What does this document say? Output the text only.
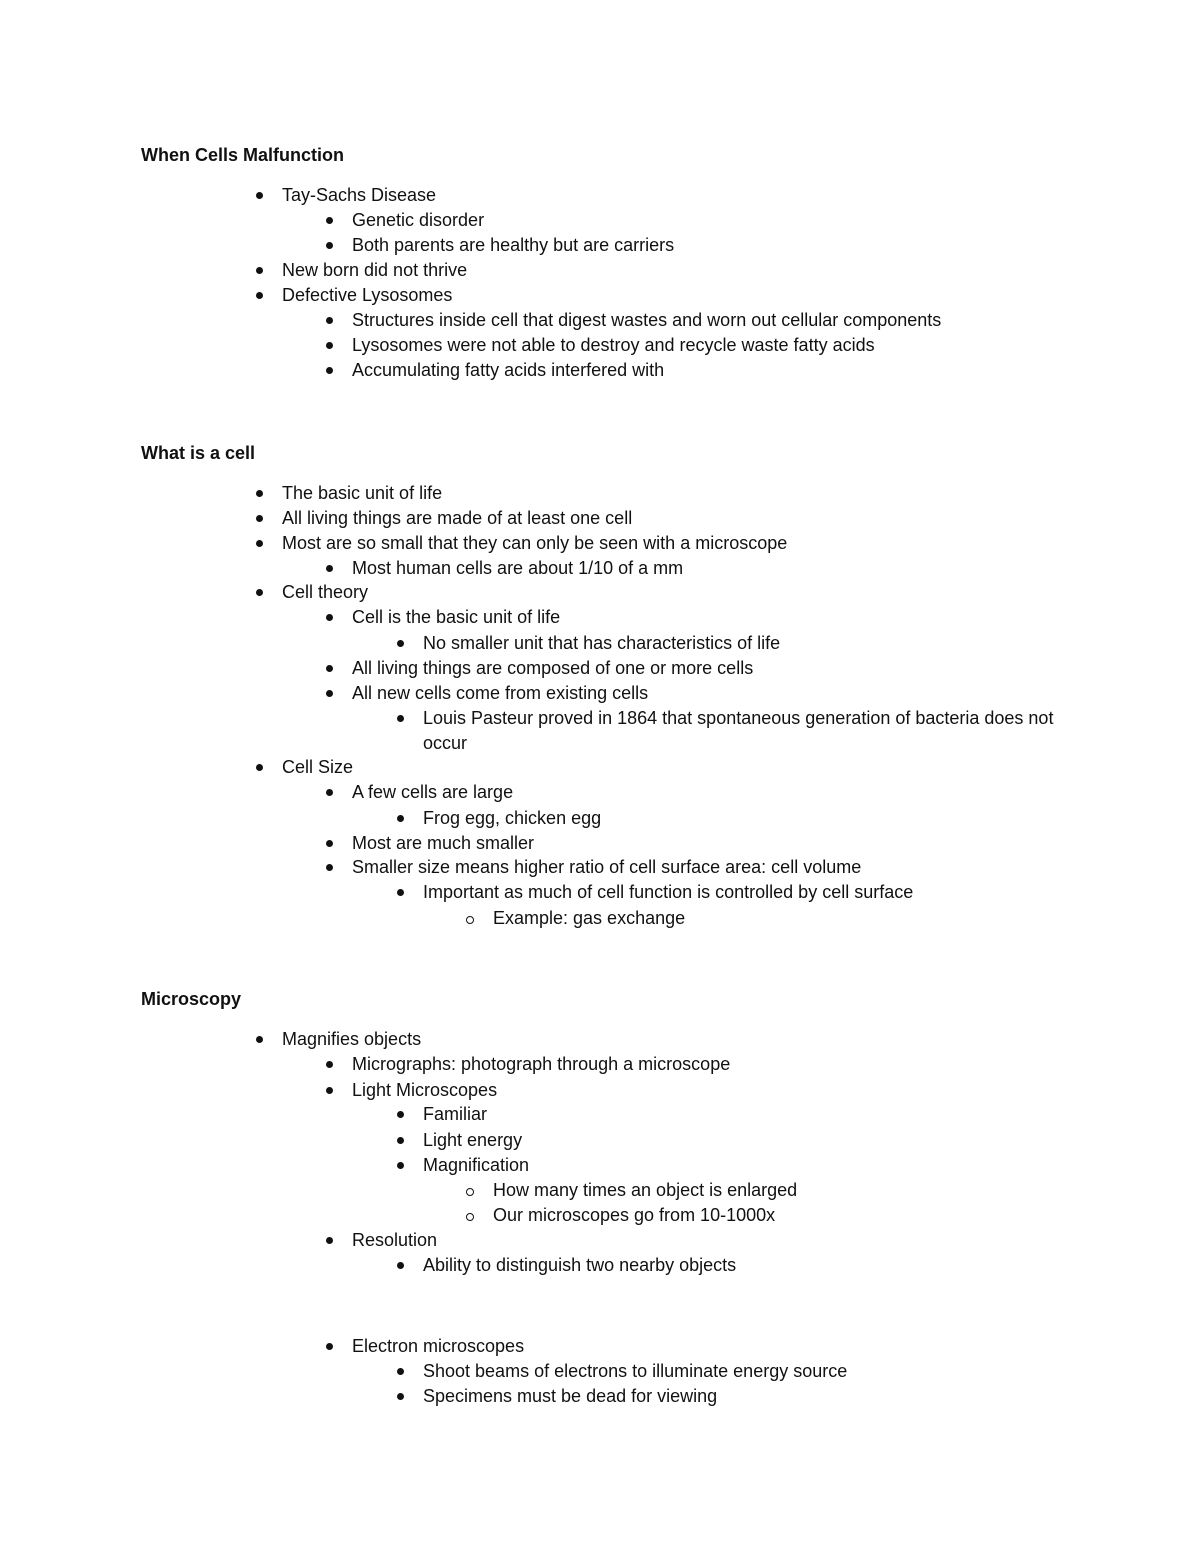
When Cells Malfunction
Tay-Sachs Disease
Genetic disorder
Both parents are healthy but are carriers
New born did not thrive
Defective Lysosomes
Structures inside cell that digest wastes and worn out cellular components
Lysosomes were not able to destroy and recycle waste fatty acids
Accumulating fatty acids interfered with
What is a cell
The basic unit of life
All living things are made of at least one cell
Most are so small that they can only be seen with a microscope
Most human cells are about 1/10 of a mm
Cell theory
Cell is the basic unit of life
No smaller unit that has characteristics of life
All living things are composed of one or more cells
All new cells come from existing cells
Louis Pasteur proved in 1864 that spontaneous generation of bacteria does not occur
Cell Size
A few cells are large
Frog egg, chicken egg
Most are much smaller
Smaller size means higher ratio of cell surface area: cell volume
Important as much of cell function is controlled by cell surface
Example: gas exchange
Microscopy
Magnifies objects
Micrographs: photograph through a microscope
Light Microscopes
Familiar
Light energy
Magnification
How many times an object is enlarged
Our microscopes go from 10-1000x
Resolution
Ability to distinguish two nearby objects
Electron microscopes
Shoot beams of electrons to illuminate energy source
Specimens must be dead for viewing
